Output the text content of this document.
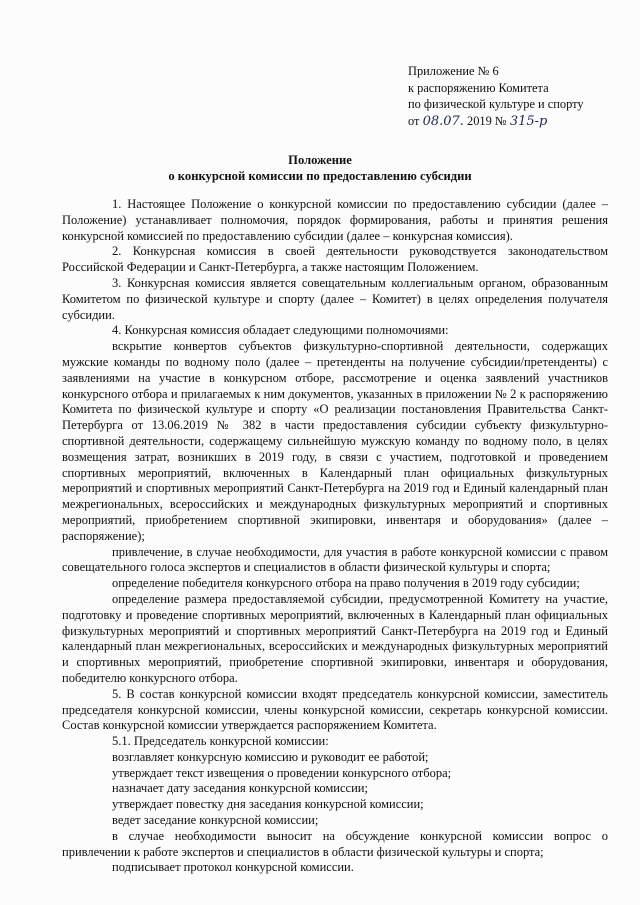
Приложение № 6
к распоряжению Комитета
по физической культуре и спорту
от 08.07. 2019 № 315-р
Положение
о конкурсной комиссии по предоставлению субсидии

1. Настоящее Положение о конкурсной комиссии по предоставлению субсидии (далее – Положение) устанавливает полномочия, порядок формирования, работы и принятия решения конкурсной комиссией по предоставлению субсидии (далее – конкурсная комиссия).

2. Конкурсная комиссия в своей деятельности руководствуется законодательством Российской Федерации и Санкт-Петербурга, а также настоящим Положением.

3. Конкурсная комиссия является совещательным коллегиальным органом, образованным Комитетом по физической культуре и спорту (далее – Комитет) в целях определения получателя субсидии.

4. Конкурсная комиссия обладает следующими полномочиями:

вскрытие конвертов субъектов физкультурно-спортивной деятельности, содержащих мужские команды по водному поло (далее – претенденты на получение субсидии/претенденты) с заявлениями на участие в конкурсном отборе, рассмотрение и оценка заявлений участников конкурсного отбора и прилагаемых к ним документов, указанных в приложении № 2 к распоряжению Комитета по физической культуре и спорту «О реализации постановления Правительства Санкт-Петербурга от 13.06.2019 № 382 в части предоставления субсидии субъекту физкультурно-спортивной деятельности, содержащему сильнейшую мужскую команду по водному поло, в целях возмещения затрат, возникших в 2019 году, в связи с участием, подготовкой и проведением спортивных мероприятий, включенных в Календарный план официальных физкультурных мероприятий и спортивных мероприятий Санкт-Петербурга на 2019 год и Единый календарный план межрегиональных, всероссийских и международных физкультурных мероприятий и спортивных мероприятий, приобретением спортивной экипировки, инвентаря и оборудования» (далее – распоряжение);

привлечение, в случае необходимости, для участия в работе конкурсной комиссии с правом совещательного голоса экспертов и специалистов в области физической культуры и спорта;

определение победителя конкурсного отбора на право получения в 2019 году субсидии;

определение размера предоставляемой субсидии, предусмотренной Комитету на участие, подготовку и проведение спортивных мероприятий, включенных в Календарный план официальных физкультурных мероприятий и спортивных мероприятий Санкт-Петербурга на 2019 год и Единый календарный план межрегиональных, всероссийских и международных физкультурных мероприятий и спортивных мероприятий, приобретение спортивной экипировки, инвентаря и оборудования, победителю конкурсного отбора.

5. В состав конкурсной комиссии входят председатель конкурсной комиссии, заместитель председателя конкурсной комиссии, члены конкурсной комиссии, секретарь конкурсной комиссии. Состав конкурсной комиссии утверждается распоряжением Комитета.

5.1. Председатель конкурсной комиссии:

возглавляет конкурсную комиссию и руководит ее работой;

утверждает текст извещения о проведении конкурсного отбора;

назначает дату заседания конкурсной комиссии;

утверждает повестку дня заседания конкурсной комиссии;

ведет заседание конкурсной комиссии;

в случае необходимости выносит на обсуждение конкурсной комиссии вопрос о привлечении к работе экспертов и специалистов в области физической культуры и спорта;

подписывает протокол конкурсной комиссии.
